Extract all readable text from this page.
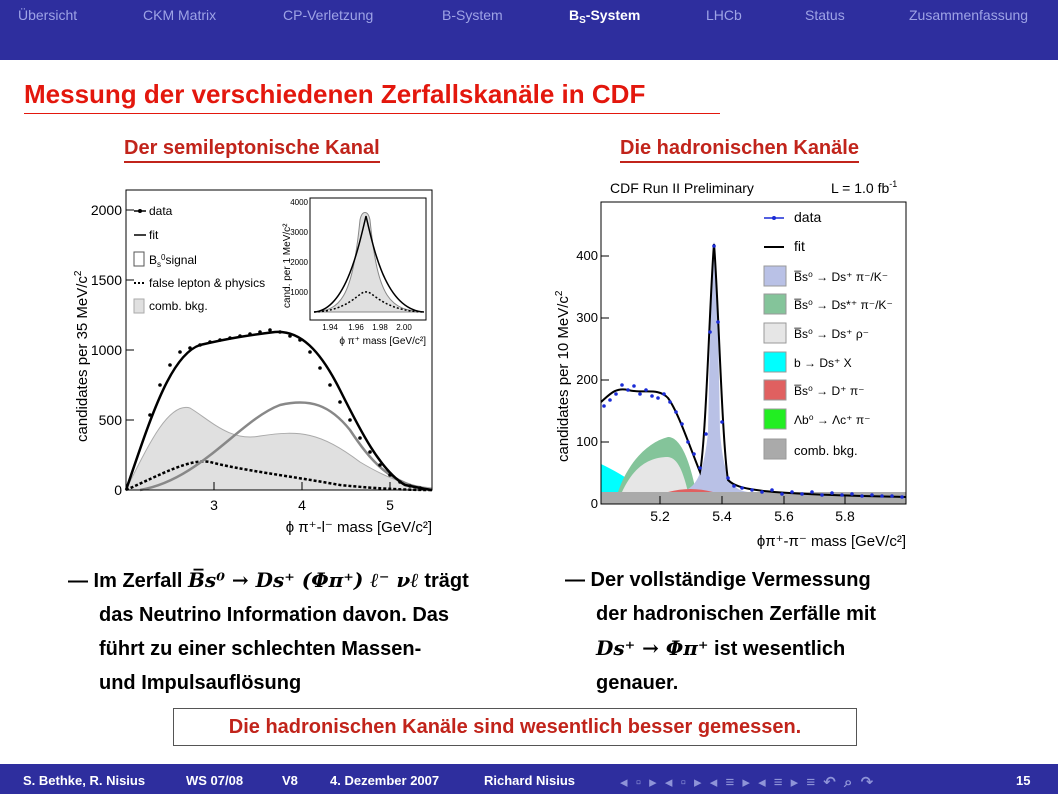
Übersicht	CKM Matrix	CP-Verletzung	B-System	$B_S$-System	LHCb	Status	Zusammenfassung
Messung der verschiedenen Zerfallskanäle in CDF
Der semileptonische Kanal	Die hadronischen Kanäle
0
500
1000
1500
2000
3	4	5
ϕ π⁺-l⁻ mass [GeV/c²]
candidates per 35 MeV/$c^2$
data
fit
$B_s^0signal$
false lepton & physics
comb. bkg.
1000
2000
3000
4000
1.94 1.96 1.98 2.00
ϕ π⁺ mass [GeV/c²]
cand. per 1 MeV/c²
CDF Run II Preliminary	L = 1.0 $fb^{-1}$
0
100
200
300
400
5.2	5.4	5.6	5.8
ϕπ⁺-π⁻ mass [GeV/c²]
candidates per 10 MeV/$c^2$
data
fit
B̅s⁰ → Ds⁺ π⁻/K⁻
B̅s⁰ → Ds*⁺ π⁻/K⁻
B̅s⁰ → Ds⁺ ρ⁻
b → Ds⁺ X
B̅s⁰ → D⁺ π⁻
Λb⁰ → Λc⁺ π⁻
comb. bkg.
— Im Zerfall B̅s⁰ → Ds⁺ (Φπ⁺) ℓ⁻ νℓ trägt
das Neutrino Information davon. Das
führt zu einer schlechten Massen-
und Impulsauflösung
— Der vollständige Vermessung
der hadronischen Zerfälle mit
Ds⁺ → Φπ⁺ ist wesentlich
genauer.
Die hadronischen Kanäle sind wesentlich besser gemessen.
S. Bethke, R. Nisius	WS 07/08	V8 4. Dezember 2007	Richard Nisius	◂ ▫ ▸ ◂ ▫ ▸ ◂ ≡ ▸ ◂ ≡ ▸ ≡ ↶ ⌕ ↷	15
